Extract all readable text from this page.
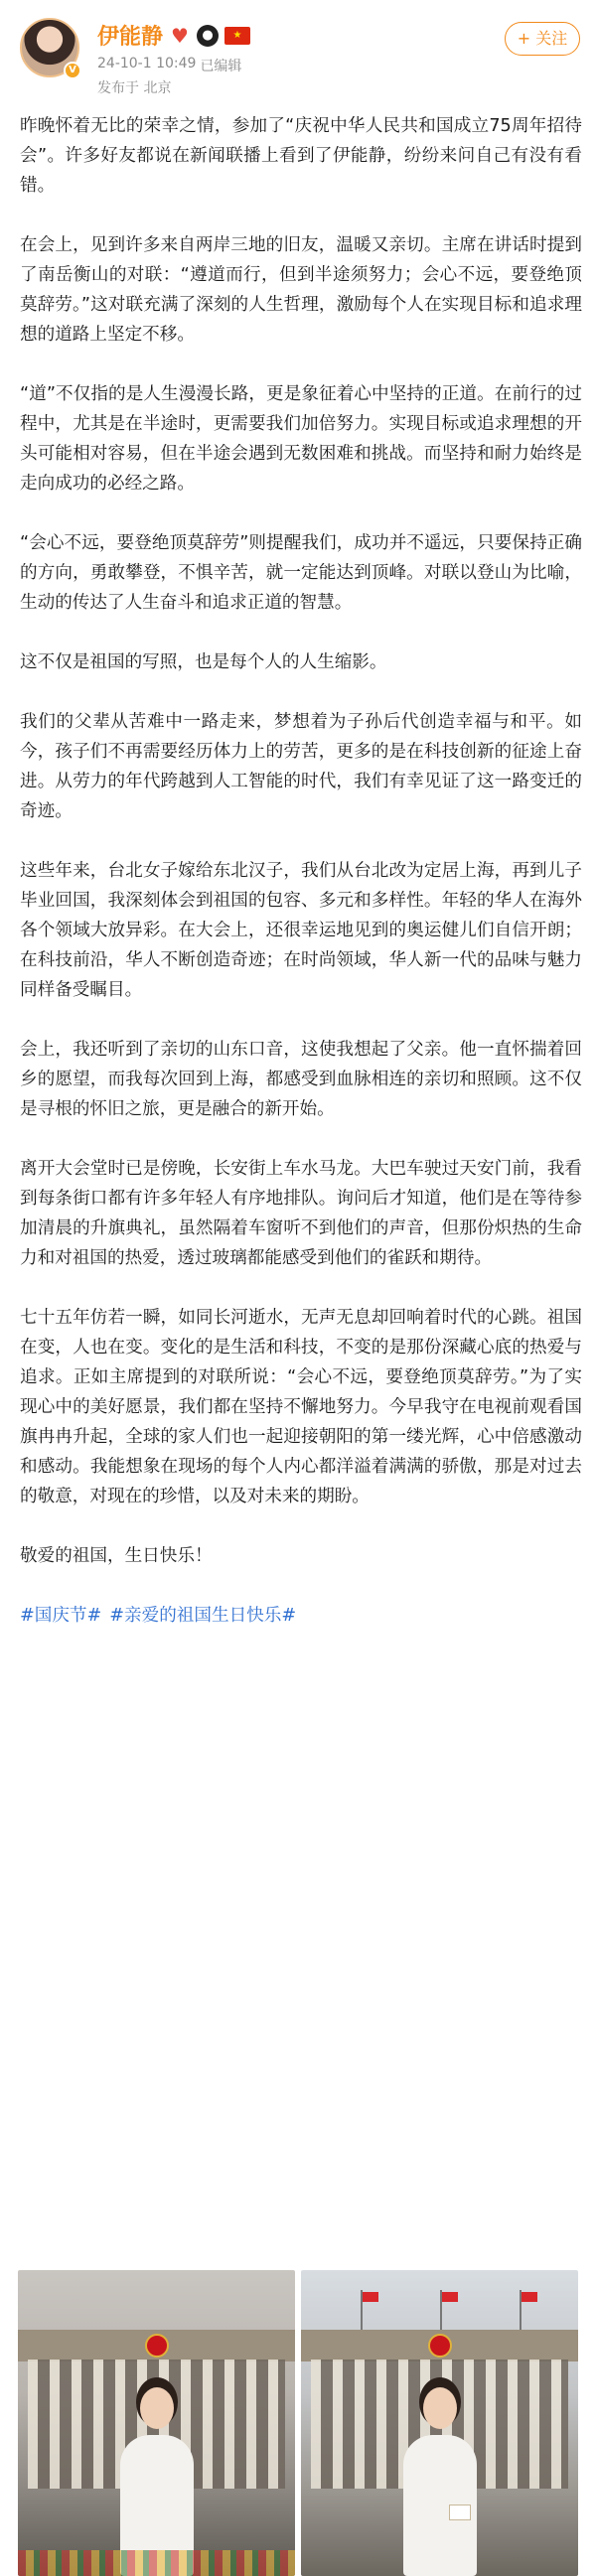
V
伊能静 ♥	●	★
24-10-1 10:49 已编辑
发布于 北京
+ 关注

昨晚怀着无比的荣幸之情，参加了“庆祝中华人民共和国成立75周年招待会”。许多好友都说在新闻联播上看到了伊能静，纷纷来问自己有没有看错。

在会上，见到许多来自两岸三地的旧友，温暖又亲切。主席在讲话时提到了南岳衡山的对联：“遵道而行，但到半途须努力；会心不远，要登绝顶莫辞劳。”这对联充满了深刻的人生哲理，激励每个人在实现目标和追求理想的道路上坚定不移。

“道”不仅指的是人生漫漫长路，更是象征着心中坚持的正道。在前行的过程中，尤其是在半途时，更需要我们加倍努力。实现目标或追求理想的开头可能相对容易，但在半途会遇到无数困难和挑战。而坚持和耐力始终是走向成功的必经之路。

“会心不远，要登绝顶莫辞劳”则提醒我们，成功并不遥远，只要保持正确的方向，勇敢攀登，不惧辛苦，就一定能达到顶峰。对联以登山为比喻，生动的传达了人生奋斗和追求正道的智慧。

这不仅是祖国的写照，也是每个人的人生缩影。

我们的父辈从苦难中一路走来，梦想着为子孙后代创造幸福与和平。如今，孩子们不再需要经历体力上的劳苦，更多的是在科技创新的征途上奋进。从劳力的年代跨越到人工智能的时代，我们有幸见证了这一路变迁的奇迹。

这些年来，台北女子嫁给东北汉子，我们从台北改为定居上海，再到儿子毕业回国，我深刻体会到祖国的包容、多元和多样性。年轻的华人在海外各个领域大放异彩。在大会上，还很幸运地见到的奥运健儿们自信开朗；在科技前沿，华人不断创造奇迹；在时尚领域，华人新一代的品味与魅力同样备受瞩目。

会上，我还听到了亲切的山东口音，这使我想起了父亲。他一直怀揣着回乡的愿望，而我每次回到上海，都感受到血脉相连的亲切和照顾。这不仅是寻根的怀旧之旅，更是融合的新开始。

离开大会堂时已是傍晚，长安街上车水马龙。大巴车驶过天安门前，我看到每条街口都有许多年轻人有序地排队。询问后才知道，他们是在等待参加清晨的升旗典礼，虽然隔着车窗听不到他们的声音，但那份炽热的生命力和对祖国的热爱，透过玻璃都能感受到他们的雀跃和期待。

七十五年仿若一瞬，如同长河逝水，无声无息却回响着时代的心跳。祖国在变，人也在变。变化的是生活和科技，不变的是那份深藏心底的热爱与追求。正如主席提到的对联所说：“会心不远，要登绝顶莫辞劳。”为了实现心中的美好愿景，我们都在坚持不懈地努力。今早我守在电视前观看国旗冉冉升起，全球的家人们也一起迎接朝阳的第一缕光辉，心中倍感激动和感动。我能想象在现场的每个人内心都洋溢着满满的骄傲，那是对过去的敬意，对现在的珍惜，以及对未来的期盼。

敬爱的祖国，生日快乐！

#国庆节# #亲爱的祖国生日快乐#
